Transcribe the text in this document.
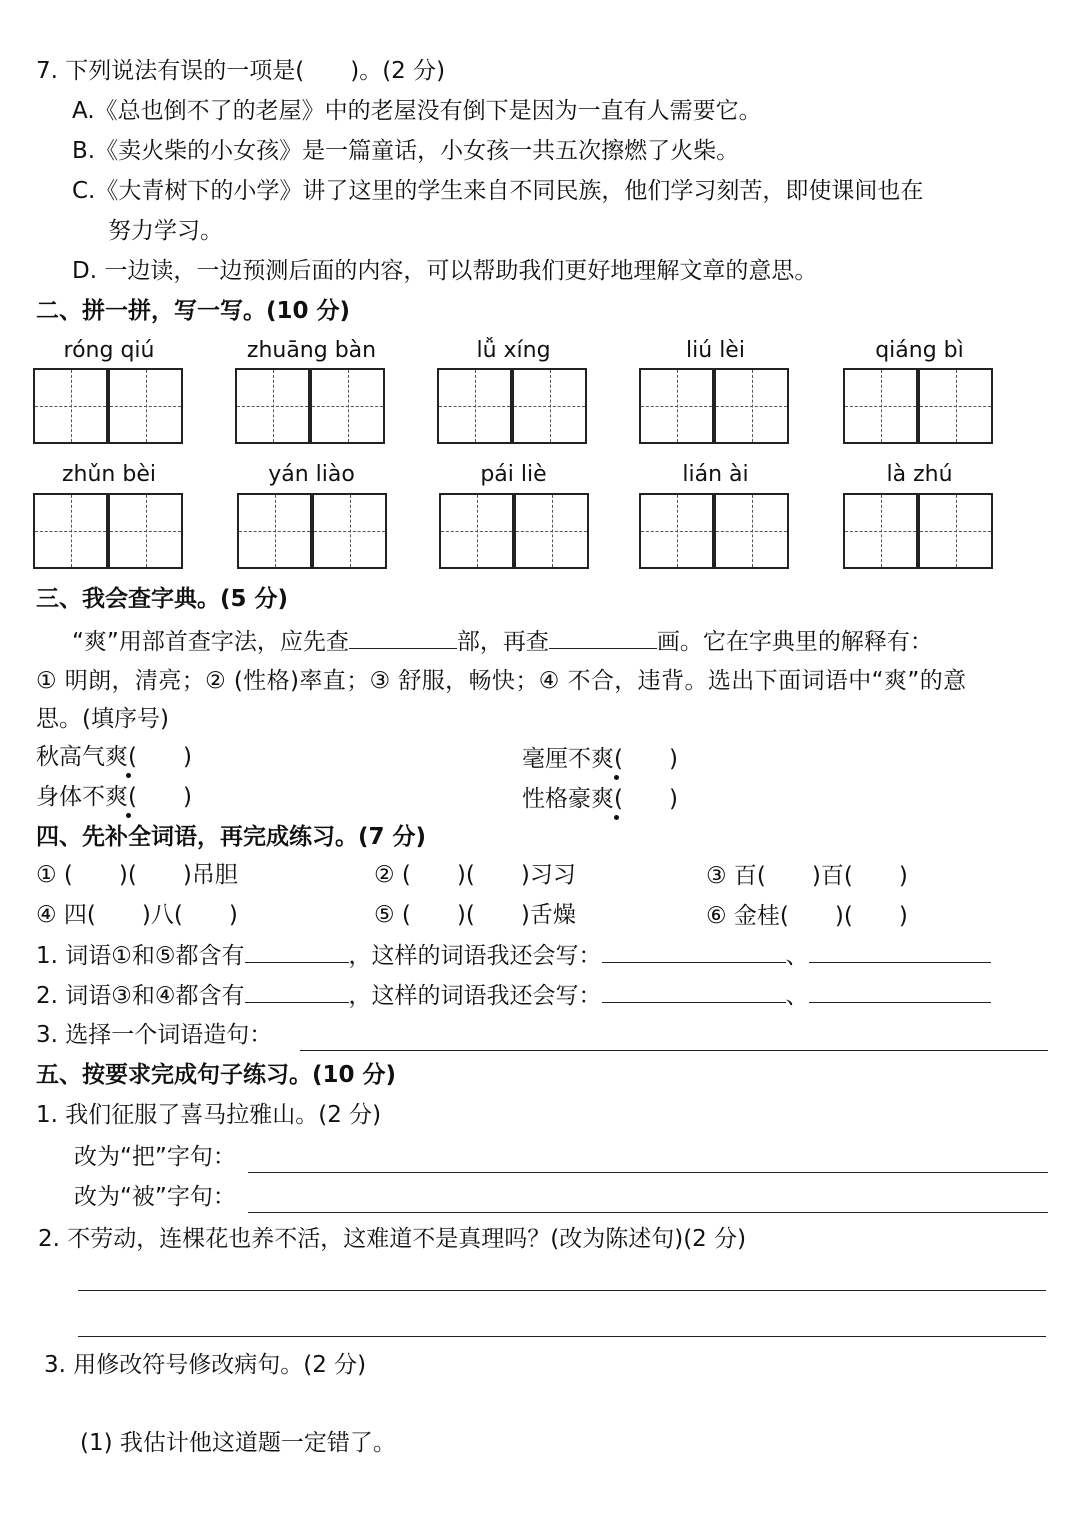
7. 下列说法有误的一项是(　　)。(2 分)
A.《总也倒不了的老屋》中的老屋没有倒下是因为一直有人需要它。
B.《卖火柴的小女孩》是一篇童话，小女孩一共五次擦燃了火柴。
C.《大青树下的小学》讲了这里的学生来自不同民族，他们学习刻苦，即使课间也在
努力学习。
D. 一边读，一边预测后面的内容，可以帮助我们更好地理解文章的意思。
二、拼一拼，写一写。(10 分)
róng qiú	zhuāng bàn	lǚ xíng	liú lèi	qiáng bì
zhǔn bèi	yán liào	pái liè	lián ài	là zhú
三、我会查字典。(5 分)
“爽”用部首查字法，应先查	部，再查	画。它在字典里的解释有：
① 明朗，清亮；② (性格)率直；③ 舒服，畅快；④ 不合，违背。选出下面词语中“爽”的意
思。(填序号)
秋高气爽(　　)	毫厘不爽(　　)
身体不爽(　　)	性格豪爽(　　)
四、先补全词语，再完成练习。(7 分)
① (　　)(　　)吊胆	② (　　)(　　)习习	③ 百(　　)百(　　)
④ 四(　　)八(　　)	⑤ (　　)(　　)舌燥	⑥ 金桂(　　)(　　)
1. 词语①和⑤都含有	，这样的词语我还会写：	、
2. 词语③和④都含有	，这样的词语我还会写：	、
3. 选择一个词语造句：
五、按要求完成句子练习。(10 分)
1. 我们征服了喜马拉雅山。(2 分)
改为“把”字句：
改为“被”字句：
2. 不劳动，连棵花也养不活，这难道不是真理吗？(改为陈述句)(2 分)
3. 用修改符号修改病句。(2 分)
(1) 我估计他这道题一定错了。
